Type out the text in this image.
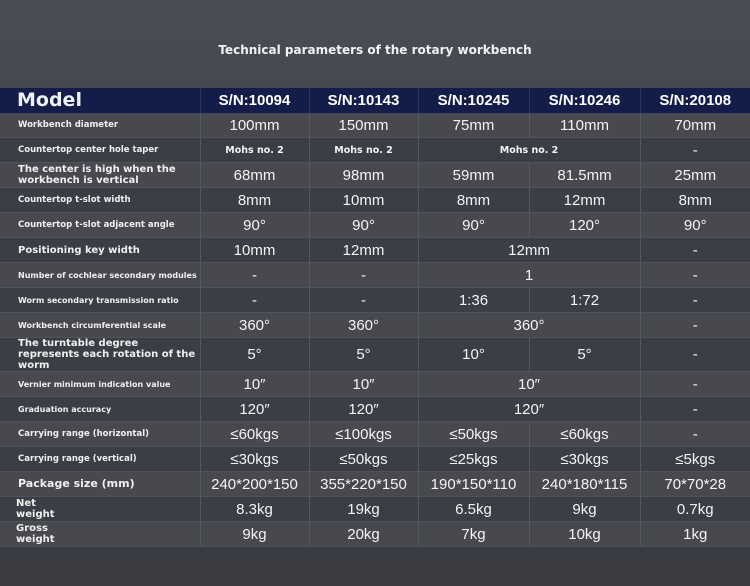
Technical parameters of the rotary workbench
Model	S/N:10094	S/N:10143	S/N:10245	S/N:10246	S/N:20108
Workbench diameter	100mm	150mm	75mm	110mm	70mm
Countertop center hole taper	Mohs no. 2	Mohs no. 2	Mohs no. 2		-
The center is high when the workbench is vertical	68mm	98mm	59mm	81.5mm	25mm
Countertop t-slot width	8mm	10mm	8mm	12mm	8mm
Countertop t-slot adjacent angle	90°	90°	90°	120°	90°
Positioning key width	10mm	12mm	12mm		-
Number of cochlear secondary modules	-	-	1		-
Worm secondary transmission ratio	-	-	1:36	1:72	-
Workbench circumferential scale	360°	360°	360°		-
The turntable degree represents each rotation of the worm	5°	5°	10°	5°	-
Vernier minimum indication value	10″	10″	10″		-
Graduation accuracy	120″	120″	120″		-
Carrying range (horizontal)	≤60kgs	≤100kgs	≤50kgs	≤60kgs	-
Carrying range (vertical)	≤30kgs	≤50kgs	≤25kgs	≤30kgs	≤5kgs
Package size (mm)	240*200*150	355*220*150	190*150*110	240*180*115	70*70*28
Net weight	8.3kg	19kg	6.5kg	9kg	0.7kg
Gross weight	9kg	20kg	7kg	10kg	1kg
